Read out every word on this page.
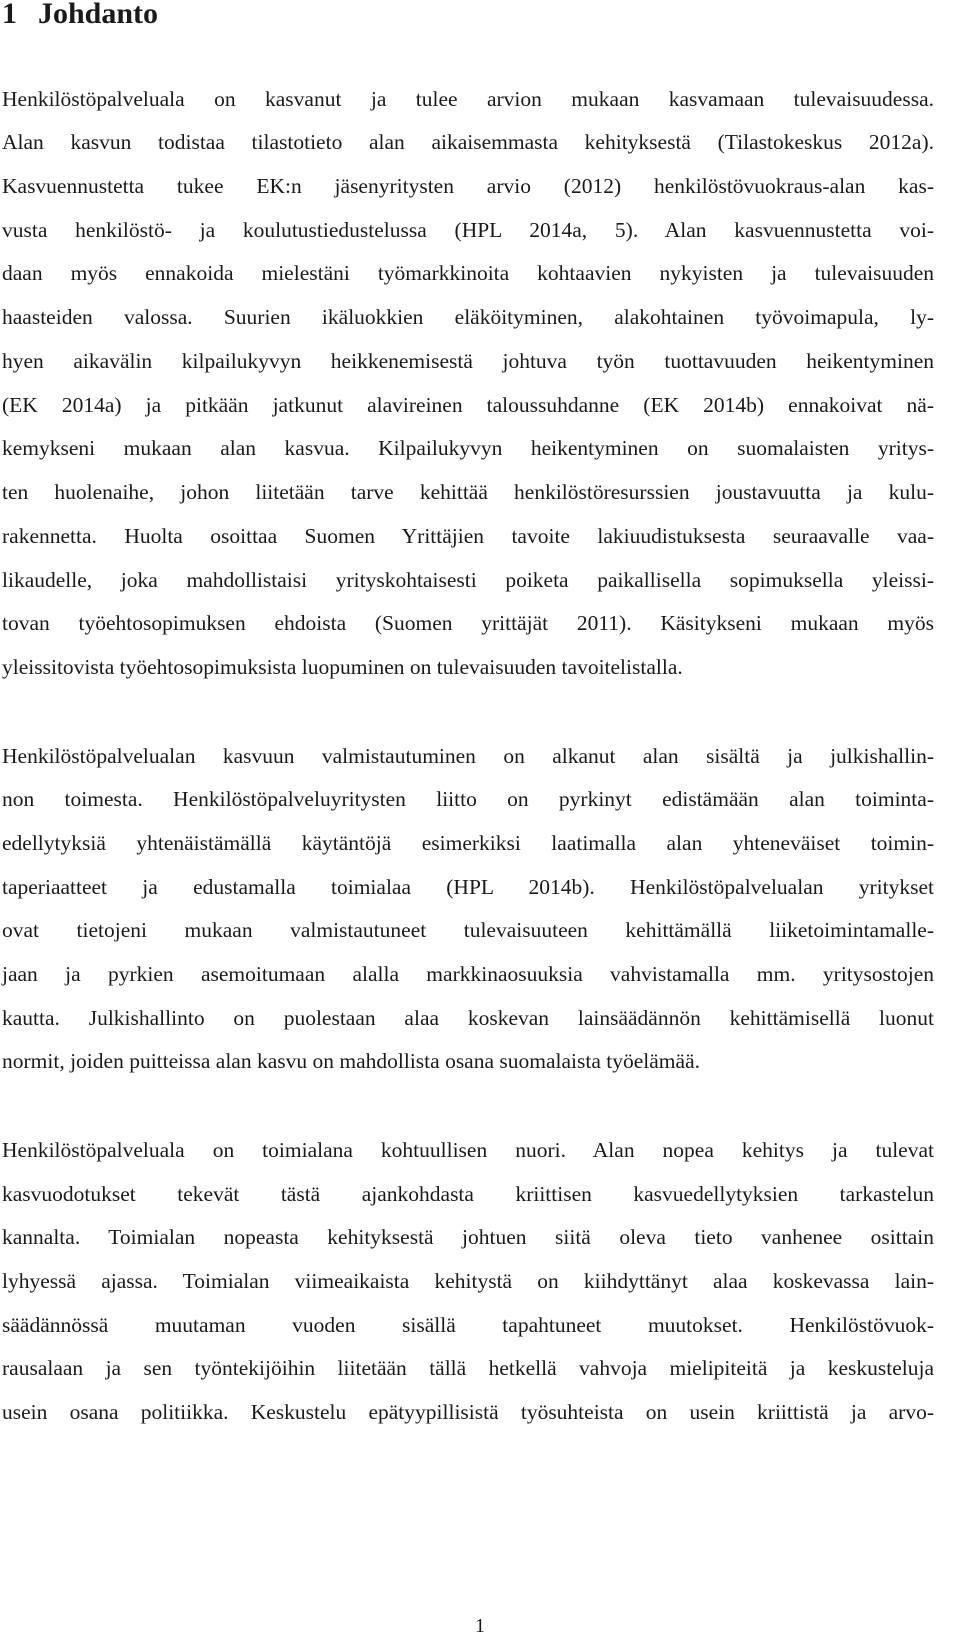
1 Johdanto
Henkilöstöpalveluala on kasvanut ja tulee arvion mukaan kasvamaan tulevaisuudessa.
Alan kasvun todistaa tilastotieto alan aikaisemmasta kehityksestä (Tilastokeskus 2012a).
Kasvuennustetta tukee EK:n jäsenyritysten arvio (2012) henkilöstövuokraus-alan kas-
vusta henkilöstö- ja koulutustiedustelussa (HPL 2014a, 5). Alan kasvuennustetta voi-
daan myös ennakoida mielestäni työmarkkinoita kohtaavien nykyisten ja tulevaisuuden
haasteiden valossa. Suurien ikäluokkien eläköityminen, alakohtainen työvoimapula, ly-
hyen aikavälin kilpailukyvyn heikkenemisestä johtuva työn tuottavuuden heikentyminen
(EK 2014a) ja pitkään jatkunut alavireinen taloussuhdanne (EK 2014b) ennakoivat nä-
kemykseni mukaan alan kasvua. Kilpailukyvyn heikentyminen on suomalaisten yritys-
ten huolenaihe, johon liitetään tarve kehittää henkilöstöresurssien joustavuutta ja kulu-
rakennetta. Huolta osoittaa Suomen Yrittäjien tavoite lakiuudistuksesta seuraavalle vaa-
likaudelle, joka mahdollistaisi yrityskohtaisesti poiketa paikallisella sopimuksella yleissi-
tovan työehtosopimuksen ehdoista (Suomen yrittäjät 2011). Käsitykseni mukaan myös
yleissitovista työehtosopimuksista luopuminen on tulevaisuuden tavoitelistalla.
Henkilöstöpalvelualan kasvuun valmistautuminen on alkanut alan sisältä ja julkishallin-
non toimesta. Henkilöstöpalveluyritysten liitto on pyrkinyt edistämään alan toiminta-
edellytyksiä yhtenäistämällä käytäntöjä esimerkiksi laatimalla alan yhteneväiset toimin-
taperiaatteet ja edustamalla toimialaa (HPL 2014b). Henkilöstöpalvelualan yritykset
ovat tietojeni mukaan valmistautuneet tulevaisuuteen kehittämällä liiketoimintamalle-
jaan ja pyrkien asemoitumaan alalla markkinaosuuksia vahvistamalla mm. yritysostojen
kautta. Julkishallinto on puolestaan alaa koskevan lainsäädännön kehittämisellä luonut
normit, joiden puitteissa alan kasvu on mahdollista osana suomalaista työelämää.
Henkilöstöpalveluala on toimialana kohtuullisen nuori. Alan nopea kehitys ja tulevat
kasvuodotukset tekevät tästä ajankohdasta kriittisen kasvuedellytyksien tarkastelun
kannalta. Toimialan nopeasta kehityksestä johtuen siitä oleva tieto vanhenee osittain
lyhyessä ajassa. Toimialan viimeaikaista kehitystä on kiihdyttänyt alaa koskevassa lain-
säädännössä muutaman vuoden sisällä tapahtuneet muutokset. Henkilöstövuok-
rausalaan ja sen työntekijöihin liitetään tällä hetkellä vahvoja mielipiteitä ja keskusteluja
usein osana politiikka. Keskustelu epätyypillisistä työsuhteista on usein kriittistä ja arvo-
1
